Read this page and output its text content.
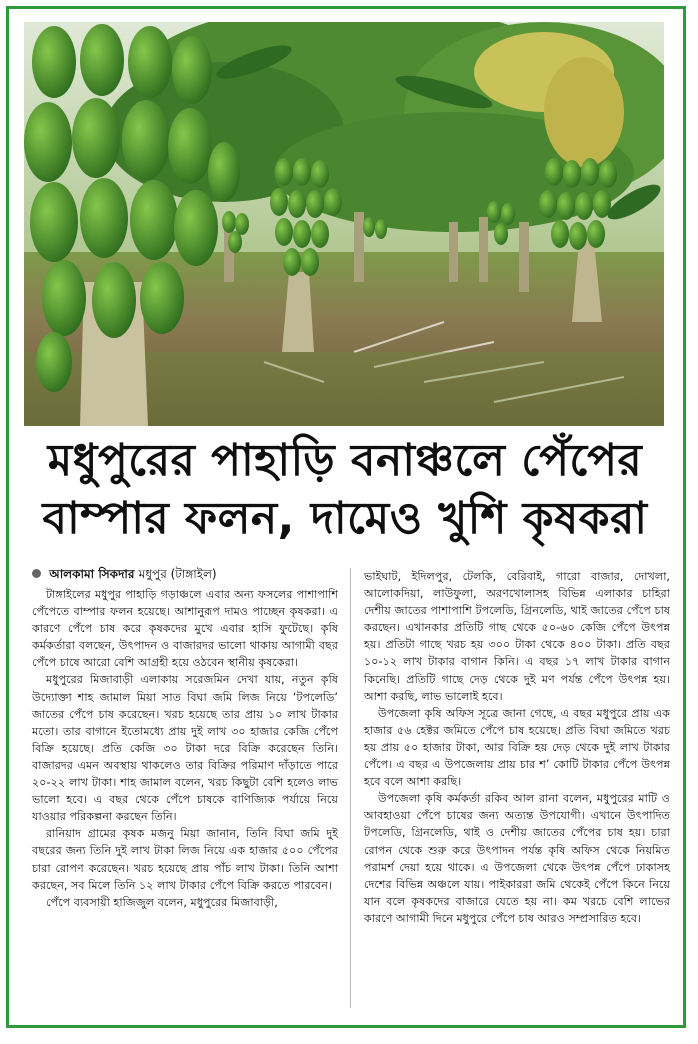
মধুপুরের পাহাড়ি বনাঞ্চলে পেঁপের
বাম্পার ফলন, দামেও খুশি কৃষকরা
আলকামা সিকদার মধুপুর (টাঙ্গাইল)

টাঙ্গাইলের মধুপুর পাহাড়ি গড়াঞ্চলে এবার অন্য ফসলের পাশাপাশি পেঁপেতে বাম্পার ফলন হয়েছে। আশানুরূপ দামও পাচ্ছেন কৃষকরা। এ কারণে পেঁপে চাষ করে কৃষকদের মুখে এবার হাসি ফুটেছে। কৃষি কর্মকর্তারা বলছেন, উৎপাদন ও বাজারদর ভালো থাকায় আগামী বছর পেঁপে চাষে আরো বেশি আগ্রহী হয়ে ওঠবেন স্থানীয় কৃষকেরা।

মধুপুরের মিজাবাড়ী এলাকায় সরেজমিন দেখা যায়, নতুন কৃষি উদ্যোক্তা শাহ জামাল মিয়া সাত বিঘা জমি লিজ নিয়ে ‘টপলেডি’ জাতের পেঁপে চাষ করেছেন। খরচ হয়েছে তার প্রায় ১০ লাখ টাকার মতো। তার বাগানে ইতোমধ্যে প্রায় দুই লাখ ৩০ হাজার কেজি পেঁপে বিক্রি হয়েছে। প্রতি কেজি ৩০ টাকা দরে বিক্রি করেছেন তিনি। বাজারদর এমন অবস্থায় থাকলেও তার বিক্রির পরিমাণ দাঁড়াতে পারে ২০-২২ লাখ টাকা। শাহ জামাল বলেন, খরচ কিছুটা বেশি হলেও লাভ ভালো হবে। এ বছর থেকে পেঁপে চাষকে বাণিজ্যিক পর্যায়ে নিয়ে যাওয়ার পরিকল্পনা করছেন তিনি।

রানিয়াদ গ্রামের কৃষক মজনু মিয়া জানান, তিনি বিঘা জমি দুই বছরের জন্য তিনি দুই লাখ টাকা লিজ নিয়ে এক হাজার ৫০০ পেঁপের চারা রোপণ করেছেন। খরচ হয়েছে প্রায় পাঁচ লাখ টাকা। তিনি আশা করছেন, সব মিলে তিনি ১২ লাখ টাকার পেঁপে বিক্রি করতে পারবেন।

পেঁপে ব্যবসায়ী হাজিজুল বলেন, মধুপুরের মিজাবাড়ী,

ভাইঘাট, ইদিলপুর, টেলকি, বেরিবাই, গারো বাজার, দোখলা, আলোকদিয়া, লাউফুলা, অরণখোলাসহ বিভিন্ন এলাকার চাহিরা দেশীয় জাতের পাশাপাশি টপলেডি, গ্রিনলেডি, থাই জাতের পেঁপে চাষ করছেন। এখানকার প্রতিটি গাছ থেকে ৫০-৬০ কেজি পেঁপে উৎপন্ন হয়। প্রতিটা গাছে খরচ হয় ৩০০ টাকা থেকে ৪০০ টাকা। প্রতি বছর ১০-১২ লাখ টাকার বাগান কিনি। এ বছর ১৭ লাখ টাকার বাগান কিনেছি। প্রতিটি গাছে দেড় থেকে দুই মণ পর্যন্ত পেঁপে উৎপন্ন হয়। আশা করছি, লাভ ভালোই হবে।

উপজেলা কৃষি অফিস সূত্রে জানা গেছে, এ বছর মধুপুরে প্রায় এক হাজার ৫৬ হেক্টর জমিতে পেঁপে চাষ হয়েছে। প্রতি বিঘা জমিতে খরচ হয় প্রায় ৫০ হাজার টাকা, আর বিক্রি হয় দেড় থেকে দুই লাখ টাকার পেঁপে। এ বছর এ উপজেলায় প্রায় চার শ’ কোটি টাকার পেঁপে উৎপন্ন হবে বলে আশা করছি।

উপজেলা কৃষি কর্মকর্তা রকিব আল রানা বলেন, মধুপুরের মাটি ও আবহাওয়া পেঁপে চাষের জন্য অত্যন্ত উপযোগী। এখানে উৎপাদিত টপলেডি, গ্রিনলেডি, থাই ও দেশীয় জাতের পেঁপের চাষ হয়। চারা রোপন থেকে শুরু করে উৎপাদন পর্যন্ত কৃষি অফিস থেকে নিয়মিত পরামর্শ দেয়া হয়ে থাকে। এ উপজেলা থেকে উৎপন্ন পেঁপে ঢাকাসহ দেশের বিভিন্ন অঞ্চলে যায়। পাইকাররা জমি থেকেই পেঁপে কিনে নিয়ে যান বলে কৃষকদের বাজারে যেতে হয় না। কম খরচে বেশি লাভের কারণে আগামী দিনে মধুপুরে পেঁপে চাষ আরও সম্প্রসারিত হবে।
